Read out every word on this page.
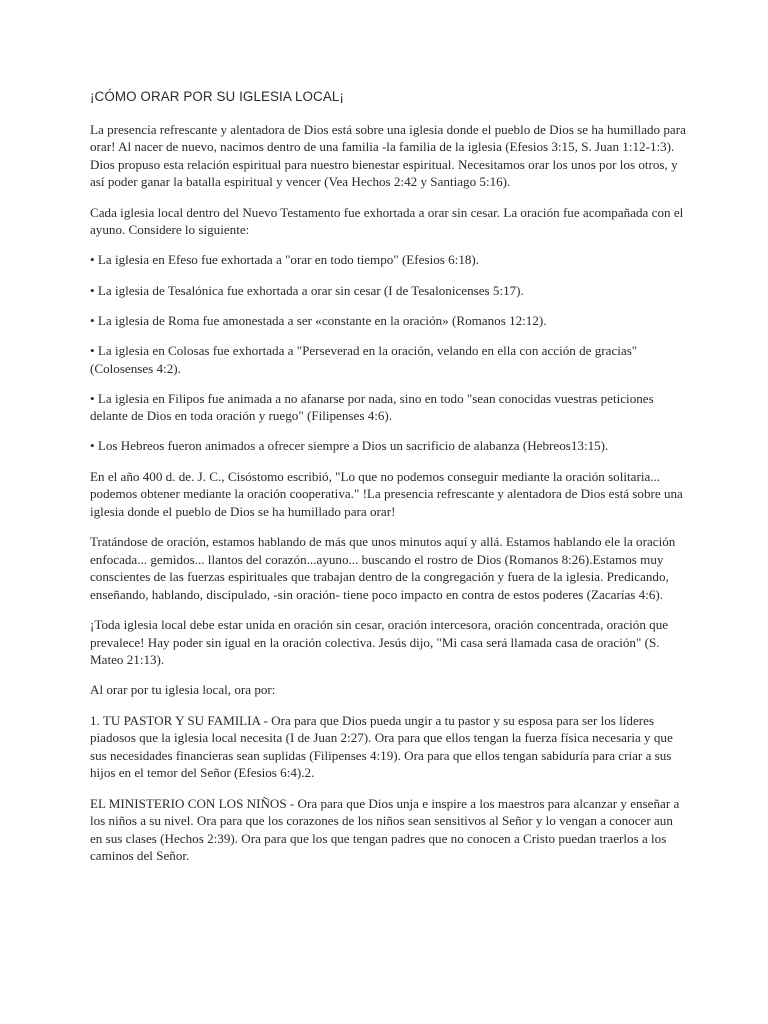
¡CÓMO ORAR POR SU IGLESIA LOCAL¡

La presencia refrescante y alentadora de Dios está sobre una iglesia donde el pueblo de Dios se ha humillado para orar! Al nacer de nuevo, nacimos dentro de una familia -la familia de la iglesia (Efesios 3:15, S. Juan 1:12-1:3). Dios propuso esta relación espiritual para nuestro bienestar espiritual. Necesitamos orar los unos por los otros, y así poder ganar la batalla espiritual y vencer (Vea Hechos 2:42 y Santiago 5:16).

Cada iglesia local dentro del Nuevo Testamento fue exhortada a orar sin cesar. La oración fue acompañada con el ayuno. Considere lo siguiente:

• La iglesia en Efeso fue exhortada a "orar en todo tiempo" (Efesios 6:18).

• La iglesia de Tesalónica fue exhortada a orar sin cesar (I de Tesalonicenses 5:17).

• La iglesia de Roma fue amonestada a ser «constante en la oración» (Romanos 12:12).

• La iglesia en Colosas fue exhortada a "Perseverad en la oración, velando en ella con acción de gracias" (Colosenses 4:2).

• La iglesia en Filipos fue animada a no afanarse por nada, sino en todo "sean conocidas vuestras peticiones delante de Dios en toda oración y ruego" (Filipenses 4:6).

• Los Hebreos fueron animados a ofrecer siempre a Dios un sacrificio de alabanza (Hebreos13:15).

En el año 400 d. de. J. C., Cisóstomo escribió, "Lo que no podemos conseguir mediante la oración solitaria... podemos obtener mediante la oración cooperativa." !La presencia refrescante y alentadora de Dios está sobre una iglesia donde el pueblo de Dios se ha humillado para orar!

Tratándose de oración, estamos hablando de más que unos minutos aquí y allá. Estamos hablando ele la oración enfocada... gemidos... llantos del corazón...ayuno... buscando el rostro de Dios (Romanos 8:26).Estamos muy conscientes de las fuerzas espirituales que trabajan dentro de la congregación y fuera de la iglesia. Predicando, enseñando, hablando, discipulado, -sin oración- tiene poco impacto en contra de estos poderes (Zacarías 4:6).

¡Toda iglesia local debe estar unida en oración sin cesar, oración intercesora, oración concentrada, oración que prevalece! Hay poder sin igual en la oración colectiva. Jesús dijo, "Mi casa será llamada casa de oración" (S. Mateo 21:13).

Al orar por tu iglesia local, ora por:

1. TU PASTOR Y SU FAMILIA - Ora para que Dios pueda ungir a tu pastor y su esposa para ser los líderes piadosos que la iglesia local necesita (I de Juan 2:27). Ora para que ellos tengan la fuerza física necesaria y que sus necesidades financieras sean suplidas (Filipenses 4:19). Ora para que ellos tengan sabiduría para criar a sus hijos en el temor del Señor (Efesios 6:4).2.

EL MINISTERIO CON LOS NIÑOS - Ora para que Dios unja e inspire a los maestros para alcanzar y enseñar a los niños a su nivel. Ora para que los corazones de los niños sean sensitivos al Señor y lo vengan a conocer aun en sus clases (Hechos 2:39). Ora para que los que tengan padres que no conocen a Cristo puedan traerlos a los caminos del Señor.
